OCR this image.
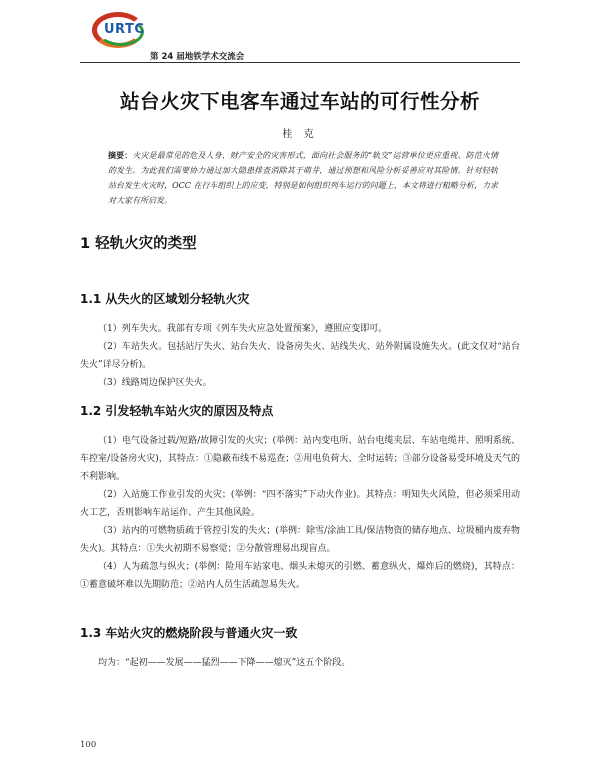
URTC
第 24 届地铁学术交流会
站台火灾下电客车通过车站的可行性分析
桂 克
摘要：火灾是最常见的危及人身、财产安全的灾害形式，面向社会服务的“轨交”运营单位更应重视、防范火情的发生。为此我们需要协力通过加大隐患排查消除其于萌芽，通过预想和风险分析妥善应对其险情。针对轻轨站台发生火灾时，OCC 在行车组织上的应变，特别是如何组织列车运行的问题上，本文将进行粗略分析，力求对大家有所启发。
1 轻轨火灾的类型
1.1 从失火的区域划分轻轨火灾

（1）列车失火。我部有专项《列车失火应急处置预案》，遵照应变即可。

（2）车站失火。包括站厅失火、站台失火、设备房失火、站线失火、站外附属设施失火。(此文仅对“站台失火”详尽分析)。

（3）线路周边保护区失火。

1.2 引发轻轨车站火灾的原因及特点

（1）电气设备过载/短路/故障引发的火灾；(举例：站内变电所、站台电缆夹层、车站电缆井、照明系统、车控室/设备房火灾)，其特点：①隐蔽布线不易巡查；②用电负荷大、全时运转；③部分设备易受环境及天气的不利影响。

（2）入站施工作业引发的火灾；(举例：“四不落实”下动火作业)。其特点：明知失火风险，但必须采用动火工艺，否则影响车站运作、产生其他风险。

（3）站内的可燃物质疏于管控引发的失火；(举例：除雪/涂油工具/保洁物资的储存地点、垃圾桶内废弃物失火)。其特点：①失火初期不易察觉；②分散管理易出现盲点。

（4）人为疏忽与纵火；(举例：险用车站家电、烟头未熄灭的引燃、蓄意纵火、爆炸后的燃烧)，其特点：①蓄意破坏难以先期防范；②站内人员生活疏忽易失火。

1.3 车站火灾的燃烧阶段与普通火灾一致

均为：“起初——发展——猛烈——下降——熄灭”这五个阶段。

100
